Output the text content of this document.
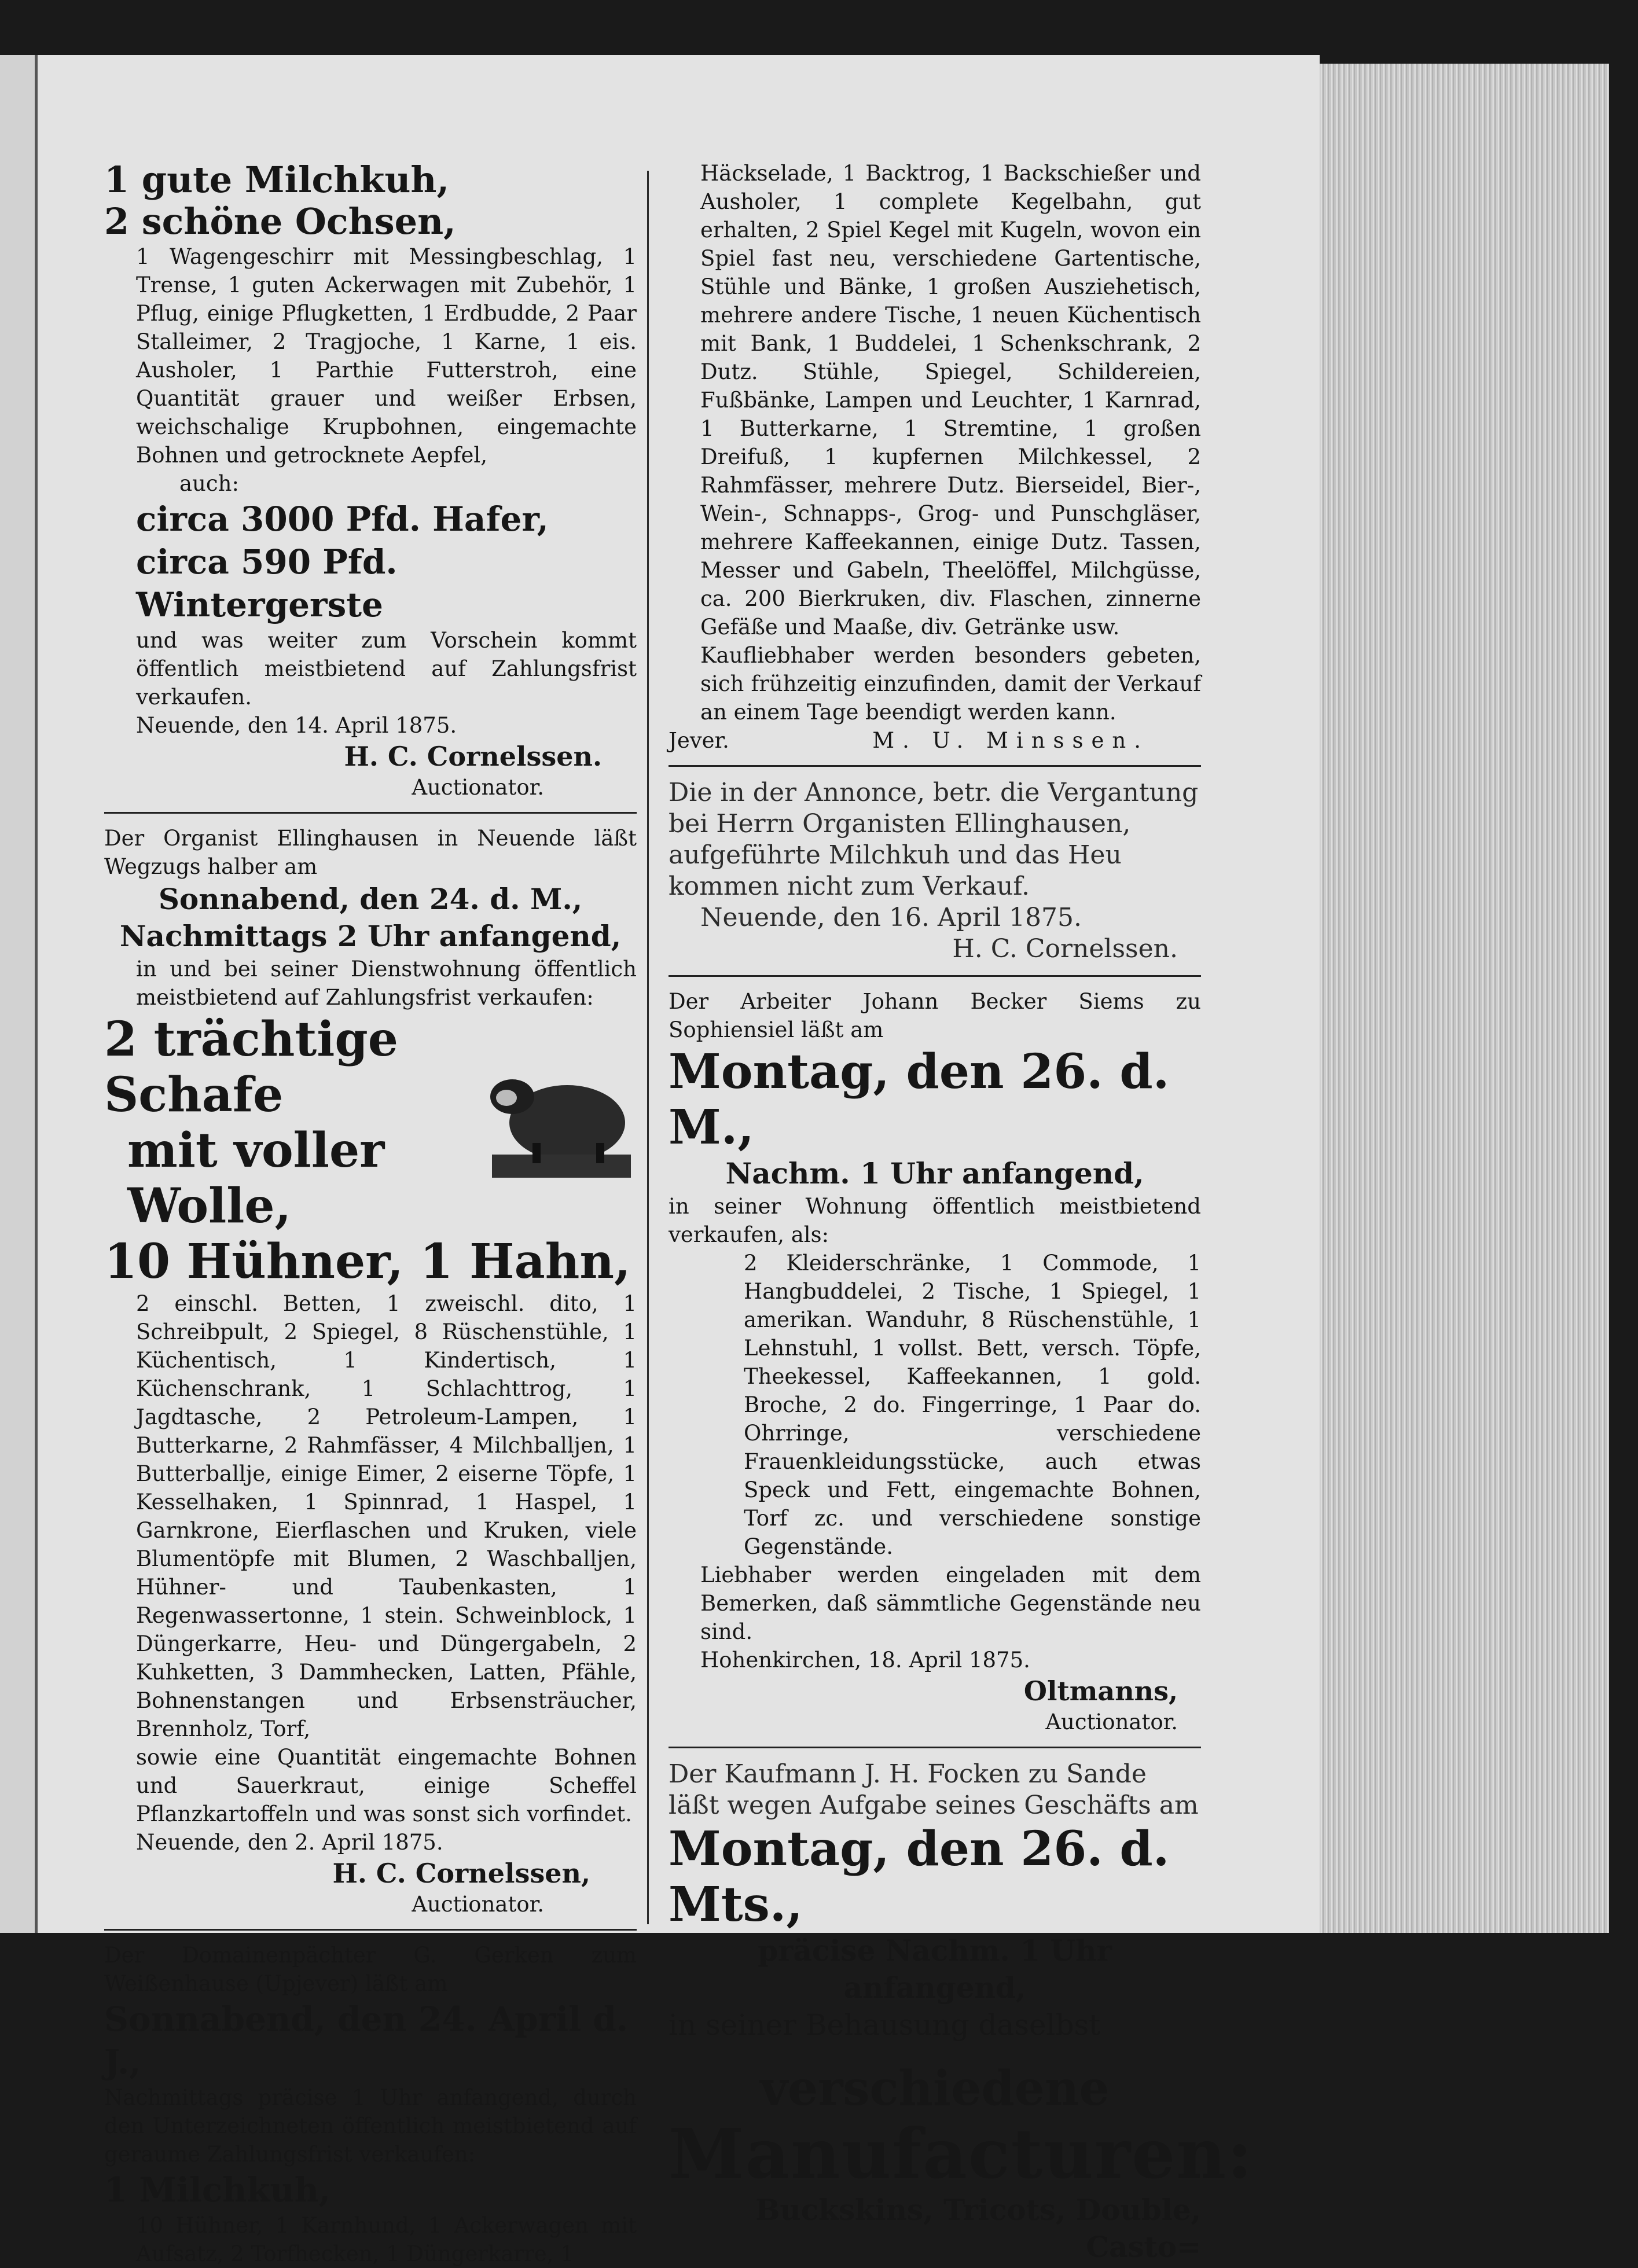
1 gute Milchkuh,

2 schöne Ochsen,

1 Wagengeschirr mit Messingbeschlag, 1 Trense, 1 guten Ackerwagen mit Zubehör, 1 Pflug, einige Pflugketten, 1 Erdbudde, 2 Paar Stalleimer, 2 Tragjoche, 1 Karne, 1 eis. Ausholer, 1 Parthie Futterstroh, eine Quantität grauer und weißer Erbsen, weichschalige Krupbohnen, eingemachte Bohnen und getrocknete Aepfel,

auch:

circa 3000 Pfd. Hafer,

circa 590 Pfd. Wintergerste

und was weiter zum Vorschein kommt öffentlich meistbietend auf Zahlungsfrist verkaufen.

Neuende, den 14. April 1875.

H. C. Cornelssen.

Auctionator.

Der Organist Ellinghausen in Neuende läßt Wegzugs halber am

Sonnabend, den 24. d. M.,

Nachmittags 2 Uhr anfangend,

in und bei seiner Dienstwohnung öffentlich meistbietend auf Zahlungsfrist verkaufen:

2 trächtige Schafe

mit voller Wolle,

10 Hühner, 1 Hahn,

2 einschl. Betten, 1 zweischl. dito, 1 Schreibpult, 2 Spiegel, 8 Rüschenstühle, 1 Küchentisch, 1 Kindertisch, 1 Küchenschrank, 1 Schlachttrog, 1 Jagdtasche, 2 Petroleum-Lampen, 1 Butterkarne, 2 Rahmfässer, 4 Milchballjen, 1 Butterballje, einige Eimer, 2 eiserne Töpfe, 1 Kesselhaken, 1 Spinnrad, 1 Haspel, 1 Garnkrone, Eierflaschen und Kruken, viele Blumentöpfe mit Blumen, 2 Waschballjen, Hühner- und Taubenkasten, 1 Regenwassertonne, 1 stein. Schweinblock, 1 Düngerkarre, Heu- und Düngergabeln, 2 Kuhketten, 3 Dammhecken, Latten, Pfähle, Bohnenstangen und Erbsensträucher, Brennholz, Torf,

sowie eine Quantität eingemachte Bohnen und Sauerkraut, einige Scheffel Pflanzkartoffeln und was sonst sich vorfindet.

Neuende, den 2. April 1875.

H. C. Cornelssen,

Auctionator.

Der Domainenpächter G. Gerken zum Weißenhause (Upjever) läßt am

Sonnabend, den 24. April d. J.,

Nachmittags präcise 1 Uhr anfangend, durch den Unterzeichneten öffentlich meistbietend auf geraume Zahlungsfrist verkaufen:

1 Milchkuh,

10 Hühner, 1 Karnhund, 1 Ackerwagen mit Aufsatz, 2 Torfhecken, 1 Düngerkarre, 1

Häckselade, 1 Backtrog, 1 Backschießer und Ausholer, 1 complete Kegelbahn, gut erhalten, 2 Spiel Kegel mit Kugeln, wovon ein Spiel fast neu, verschiedene Gartentische, Stühle und Bänke, 1 großen Ausziehetisch, mehrere andere Tische, 1 neuen Küchentisch mit Bank, 1 Buddelei, 1 Schenkschrank, 2 Dutz. Stühle, Spiegel, Schildereien, Fußbänke, Lampen und Leuchter, 1 Karnrad, 1 Butterkarne, 1 Stremtine, 1 großen Dreifuß, 1 kupfernen Milchkessel, 2 Rahmfässer, mehrere Dutz. Bierseidel, Bier-, Wein-, Schnapps-, Grog- und Punschgläser, mehrere Kaffeekannen, einige Dutz. Tassen, Messer und Gabeln, Theelöffel, Milchgüsse, ca. 200 Bierkruken, div. Flaschen, zinnerne Gefäße und Maaße, div. Getränke usw.

Kaufliebhaber werden besonders gebeten, sich frühzeitig einzufinden, damit der Verkauf an einem Tage beendigt werden kann.

Jever.	M. U. Minssen.

Die in der Annonce, betr. die Vergantung bei Herrn Organisten Ellinghausen, aufgeführte Milchkuh und das Heu kommen nicht zum Verkauf.

Neuende, den 16. April 1875.

H. C. Cornelssen.

Der Arbeiter Johann Becker Siems zu Sophiensiel läßt am

Montag, den 26. d. M.,

Nachm. 1 Uhr anfangend,

in seiner Wohnung öffentlich meistbietend verkaufen, als:

2 Kleiderschränke, 1 Commode, 1 Hangbuddelei, 2 Tische, 1 Spiegel, 1 amerikan. Wanduhr, 8 Rüschenstühle, 1 Lehnstuhl, 1 vollst. Bett, versch. Töpfe, Theekessel, Kaffeekannen, 1 gold. Broche, 2 do. Fingerringe, 1 Paar do. Ohrringe, verschiedene Frauenkleidungsstücke, auch etwas Speck und Fett, eingemachte Bohnen, Torf zc. und verschiedene sonstige Gegenstände.

Liebhaber werden eingeladen mit dem Bemerken, daß sämmtliche Gegenstände neu sind.

Hohenkirchen, 18. April 1875.

Oltmanns,

Auctionator.

Der Kaufmann J. H. Focken zu Sande läßt wegen Aufgabe seines Geschäfts am

Montag, den 26. d. Mts.,

präcise Nachm. 1 Uhr anfangend,

in seiner Behausung daselbst

verschiedene

Manufacturen:

Buckskins, Tricots, Double, Casto=
